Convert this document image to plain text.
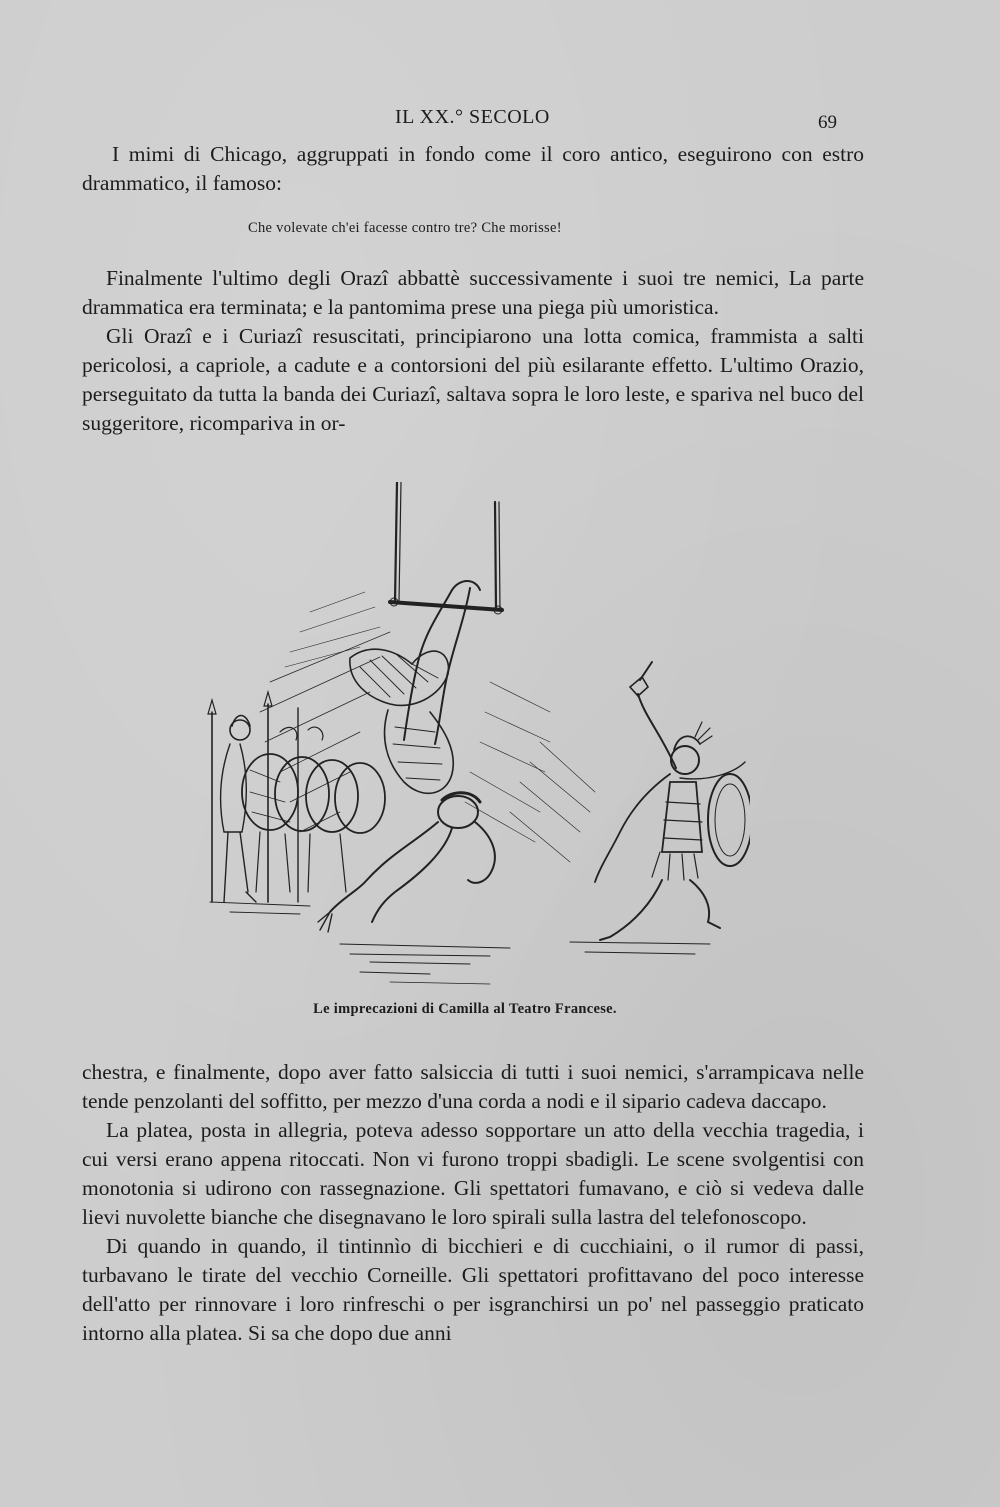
IL XX.° SECOLO	69

I mimi di Chicago, aggruppati in fondo come il coro antico, eseguirono con estro drammatico, il famoso:

Che volevate ch'ei facesse contro tre? Che morisse!

Finalmente l'ultimo degli Orazî abbattè successivamente i suoi tre nemici, La parte drammatica era terminata; e la pantomima prese una piega più umoristica.

Gli Orazî e i Curiazî resuscitati, principiarono una lotta comica, frammista a salti pericolosi, a capriole, a cadute e a contorsioni del più esilarante effetto. L'ultimo Orazio, perseguitato da tutta la banda dei Curiazî, saltava sopra le loro leste, e spariva nel buco del suggeritore, ricompariva in or-

Le imprecazioni di Camilla al Teatro Francese.

chestra, e finalmente, dopo aver fatto salsiccia di tutti i suoi nemici, s'arrampicava nelle tende penzolanti del soffitto, per mezzo d'una corda a nodi e il sipario cadeva daccapo.

La platea, posta in allegria, poteva adesso sopportare un atto della vecchia tragedia, i cui versi erano appena ritoccati. Non vi furono troppi sbadigli. Le scene svolgentisi con monotonia si udirono con rassegnazione. Gli spettatori fumavano, e ciò si vedeva dalle lievi nuvolette bianche che disegnavano le loro spirali sulla lastra del telefonoscopo.

Di quando in quando, il tintinnìo di bicchieri e di cucchiaini, o il rumor di passi, turbavano le tirate del vecchio Corneille. Gli spettatori profittavano del poco interesse dell'atto per rinnovare i loro rinfreschi o per isgranchirsi un po' nel passeggio praticato intorno alla platea. Si sa che dopo due anni
